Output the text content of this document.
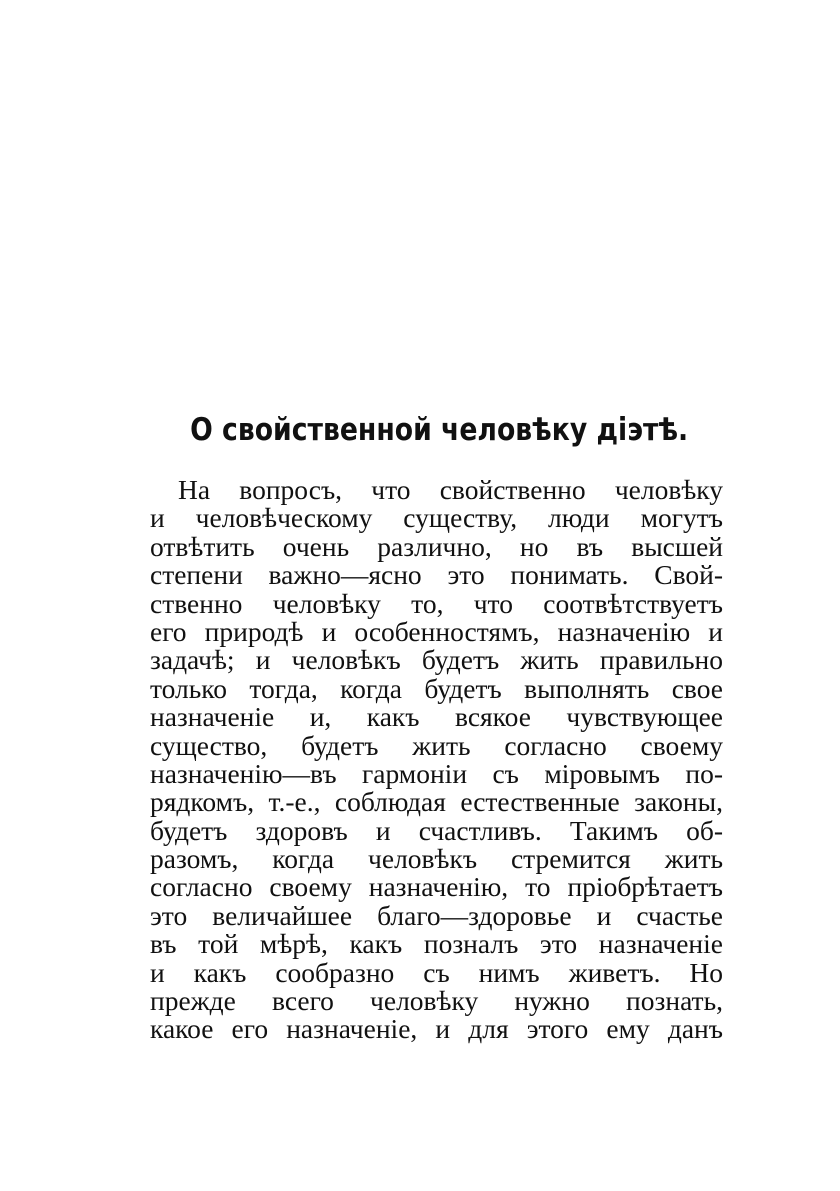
О свойственной человѣку діэтѣ.
На вопросъ, что свойственно человѣку
и человѣческому существу, люди могутъ
отвѣтить очень различно, но въ высшей
степени важно—ясно это понимать. Свой-
ственно человѣку то, что соотвѣтствуетъ
его природѣ и особенностямъ, назначенію и
задачѣ; и человѣкъ будетъ жить правильно
только тогда, когда будетъ выполнять свое
назначеніе и, какъ всякое чувствующее
существо, будетъ жить согласно своему
назначенію—въ гармоніи съ міровымъ по-
рядкомъ, т.-е., соблюдая естественные законы,
будетъ здоровъ и счастливъ. Такимъ об-
разомъ, когда человѣкъ стремится жить
согласно своему назначенію, то пріобрѣтаетъ
это величайшее благо—здоровье и счастье
въ той мѣрѣ, какъ позналъ это назначеніе
и какъ сообразно съ нимъ живетъ. Но
прежде всего человѣку нужно познать,
какое его назначеніе, и для этого ему данъ
